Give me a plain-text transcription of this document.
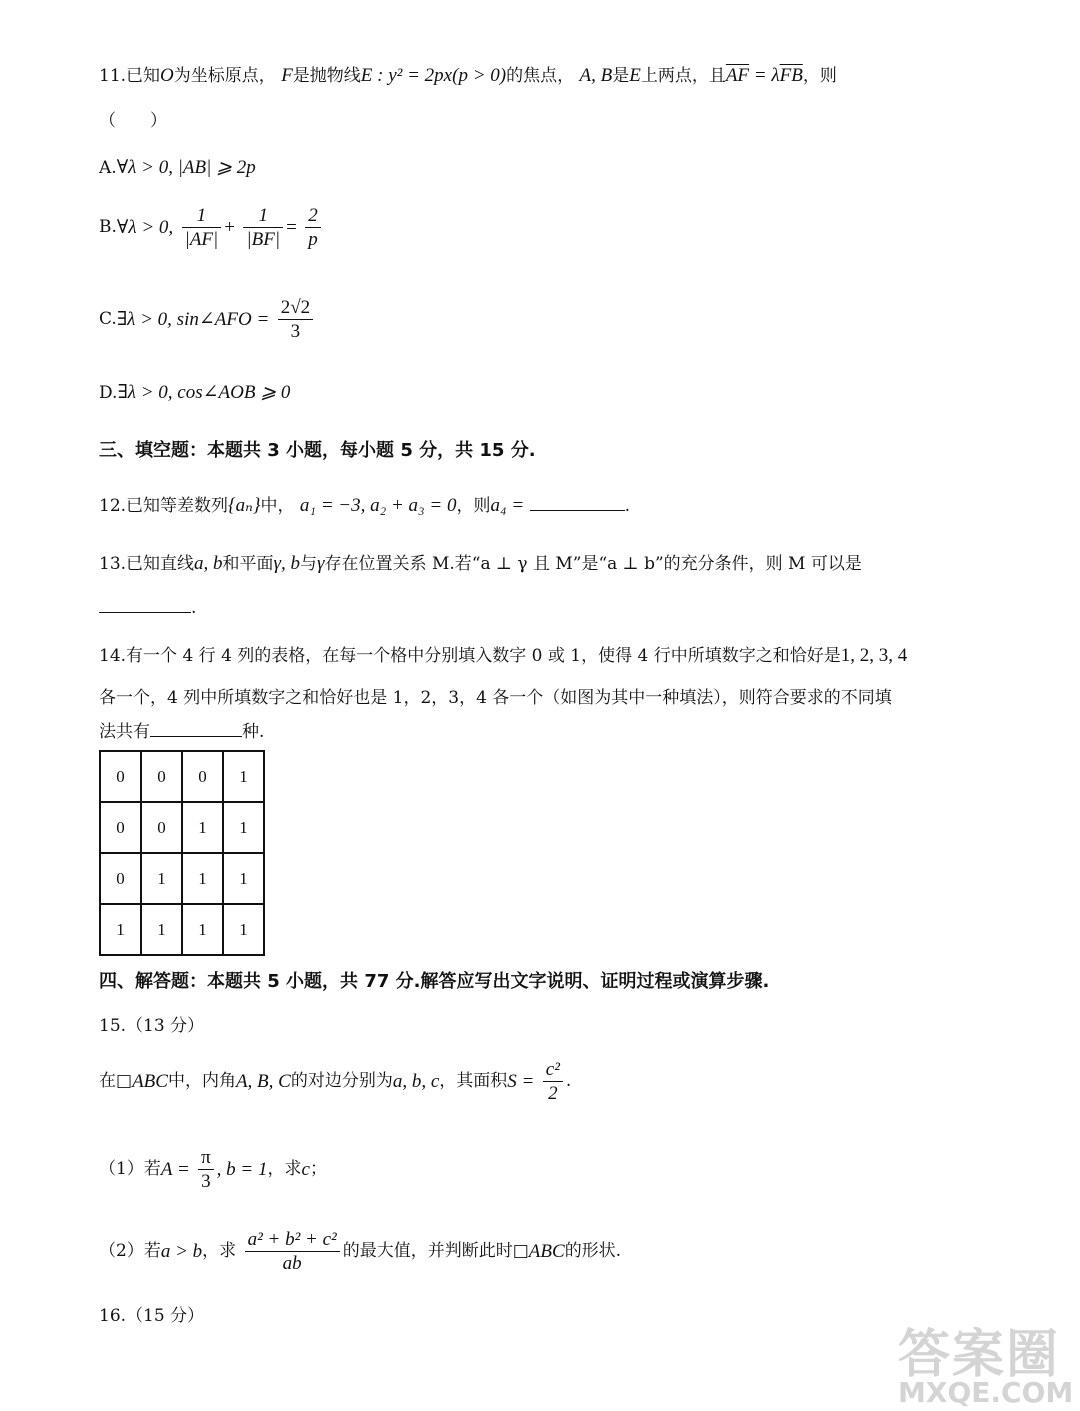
11.已知O为坐标原点， F是抛物线E : y² = 2px(p > 0)的焦点， A, B是E上两点，且$\overline{AF} = \lambda\overline{FB}$，则
（　　）
A.∀λ > 0, |AB| ⩾ 2p
B.∀λ > 0, $\frac{1}{|AF|} + \frac{1}{|BF|} = \frac{2}{p}$
C.∃λ > 0, sin∠AFO = $\frac{2√2}{3}$
D.∃λ > 0, cos∠AOB ⩾ 0
三、填空题：本题共 3 小题，每小题 5 分，共 15 分.
12.已知等差数列{aₙ}中， a₁ = −3, a₂ + a₃ = 0，则a₄ =	.
13.已知直线a, b和平面γ, b与γ存在位置关系 M.若“a ⊥ γ 且 M”是“a ⊥ b”的充分条件，则 M 可以是
.
14.有一个 4 行 4 列的表格，在每一个格中分别填入数字 0 或 1，使得 4 行中所填数字之和恰好是1, 2, 3, 4
各一个，4 列中所填数字之和恰好也是 1，2，3，4 各一个（如图为其中一种填法），则符合要求的不同填
法共有	种.
0	0	0	1
0	0	1	1
0	1	1	1
1	1	1	1
四、解答题：本题共 5 小题，共 77 分.解答应写出文字说明、证明过程或演算步骤.
15.（13 分）
在□ABC中，内角A, B, C的对边分别为a, b, c，其面积$S = \frac{\text{c²}}{2}$ .
（1）若$A = \frac{\pi}{3}$ , b = 1，求c；
（2）若a > b，求 $\frac{\text{a² + b² + c²}}{ab}$ 的最大值，并判断此时□ABC的形状.
16.（15 分）
答案圈
MXQE.COM
